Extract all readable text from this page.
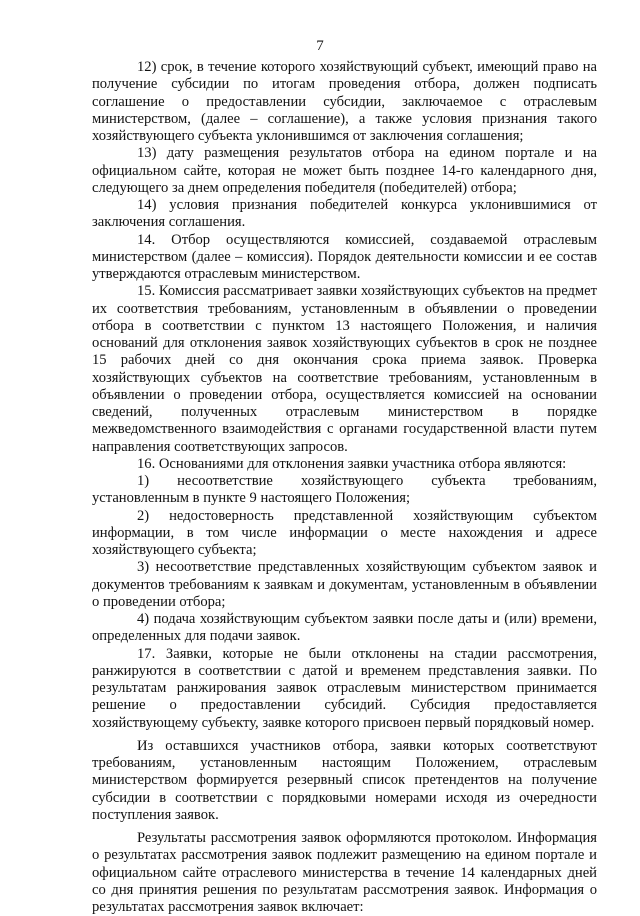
7

12) срок, в течение которого хозяйствующий субъект, имеющий право на получение субсидии по итогам проведения отбора, должен подписать соглашение о предоставлении субсидии, заключаемое с отраслевым министерством, (далее – соглашение), а также условия признания такого хозяйствующего субъекта уклонившимся от заключения соглашения;

13) дату размещения результатов отбора на едином портале и на официальном сайте, которая не может быть позднее 14-го календарного дня, следующего за днем определения победителя (победителей) отбора;

14) условия признания победителей конкурса уклонившимися от заключения соглашения.

14. Отбор осуществляются комиссией, создаваемой отраслевым министерством (далее – комиссия). Порядок деятельности комиссии и ее состав утверждаются отраслевым министерством.

15. Комиссия рассматривает заявки хозяйствующих субъектов на предмет их соответствия требованиям, установленным в объявлении о проведении отбора в соответствии с пунктом 13 настоящего Положения, и наличия оснований для отклонения заявок хозяйствующих субъектов в срок не позднее 15 рабочих дней со дня окончания срока приема заявок. Проверка хозяйствующих субъектов на соответствие требованиям, установленным в объявлении о проведении отбора, осуществляется комиссией на основании сведений, полученных отраслевым министерством в порядке межведомственного взаимодействия с органами государственной власти путем направления соответствующих запросов.

16. Основаниями для отклонения заявки участника отбора являются:

1) несоответствие хозяйствующего субъекта требованиям, установленным в пункте 9 настоящего Положения;

2) недостоверность представленной хозяйствующим субъектом информации, в том числе информации о месте нахождения и адресе хозяйствующего субъекта;

3) несоответствие представленных хозяйствующим субъектом заявок и документов требованиям к заявкам и документам, установленным в объявлении о проведении отбора;

4) подача хозяйствующим субъектом заявки после даты и (или) времени, определенных для подачи заявок.

17. Заявки, которые не были отклонены на стадии рассмотрения, ранжируются в соответствии с датой и временем представления заявки. По результатам ранжирования заявок отраслевым министерством принимается решение о предоставлении субсидий. Субсидия предоставляется хозяйствующему субъекту, заявке которого присвоен первый порядковый номер.

Из оставшихся участников отбора, заявки которых соответствуют требованиям, установленным настоящим Положением, отраслевым министерством формируется резервный список претендентов на получение субсидии в соответствии с порядковыми номерами исходя из очередности поступления заявок.

Результаты рассмотрения заявок оформляются протоколом. Информация о результатах рассмотрения заявок подлежит размещению на едином портале и официальном сайте отраслевого министерства в течение 14 календарных дней со дня принятия решения по результатам рассмотрения заявок. Информация о результатах рассмотрения заявок включает:
